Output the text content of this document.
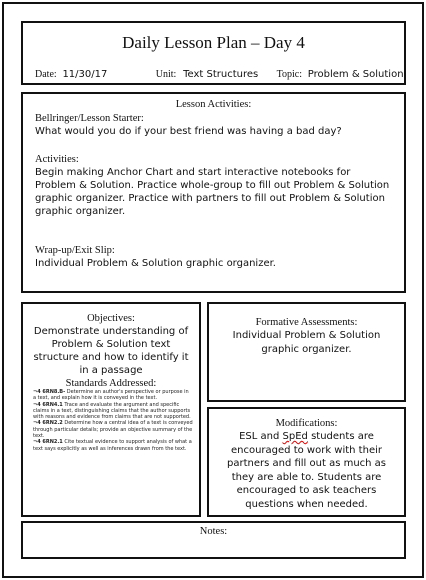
Daily Lesson Plan – Day 4
Date: 11/30/17	Unit: Text Structures Topic: Problem & Solution
Lesson Activities:
Bellringer/Lesson Starter:
What would you do if your best friend was having a bad day?
Activities:
Begin making Anchor Chart and start interactive notebooks for Problem & Solution. Practice whole-group to fill out Problem & Solution graphic organizer. Practice with partners to fill out Problem & Solution graphic organizer.
Wrap-up/Exit Slip:
Individual Problem & Solution graphic organizer.
Objectives:
Demonstrate understanding of Problem & Solution text structure and how to identify it in a passage
Standards Addressed:
¬4 6RN8.B- Determine an author's perspective or purpose in a text, and explain how it is conveyed in the text.
¬4 6RN4.1 Trace and evaluate the argument and specific claims in a text, distinguishing claims that the author supports with reasons and evidence from claims that are not supported.
¬4 6RN2.2 Determine how a central idea of a text is conveyed through particular details; provide an objective summary of the text.
¬4 6RN2.1 Cite textual evidence to support analysis of what a text says explicitly as well as inferences drawn from the text.
Formative Assessments:
Individual Problem & Solution graphic organizer.
Modifications:
ESL and SpEd students are encouraged to work with their partners and fill out as much as they are able to. Students are encouraged to ask teachers questions when needed.
Notes:
